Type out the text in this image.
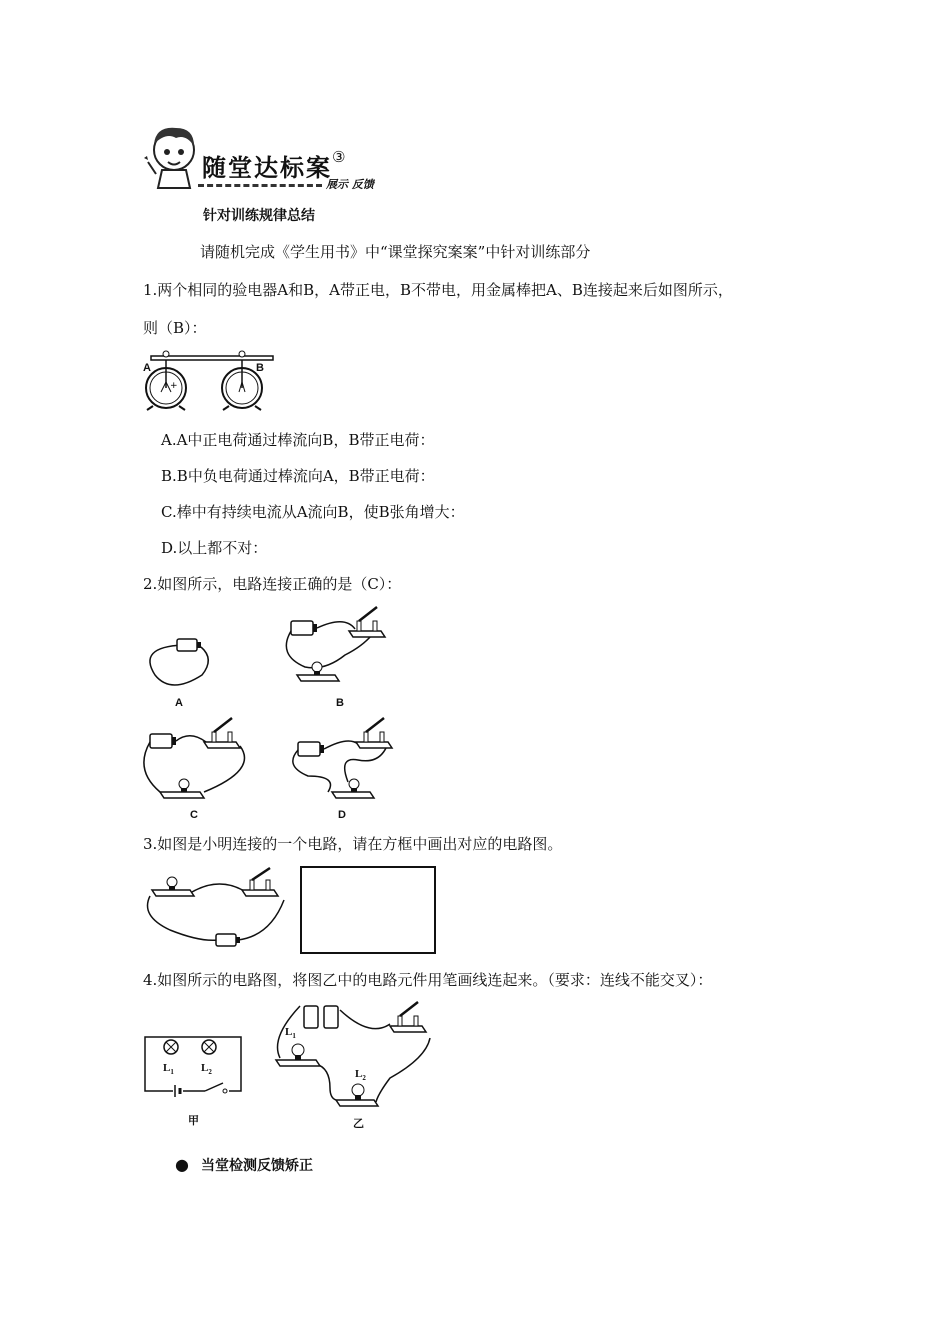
随堂达标案③
展示 反馈
针对训练规律总结
请随机完成《学生用书》中“课堂探究案案”中针对训练部分
1.两个相同的验电器A和B，A带正电，B不带电，用金属棒把A、B连接起来后如图所示，
则（B）：
+
A	B
A.A中正电荷通过棒流向B，B带正电荷：
B.B中负电荷通过棒流向A，B带正电荷：
C.棒中有持续电流从A流向B，使B张角增大：
D.以上都不对：
2.如图所示，电路连接正确的是（C）：
A	B
C	D
3.如图是小明连接的一个电路，请在方框中画出对应的电路图。
4.如图所示的电路图，将图乙中的电路元件用笔画线连起来。（要求：连线不能交叉）：
$L_1$ $L_2$
甲
$L_1$
$L_2$
乙
● 当堂检测反馈矫正
